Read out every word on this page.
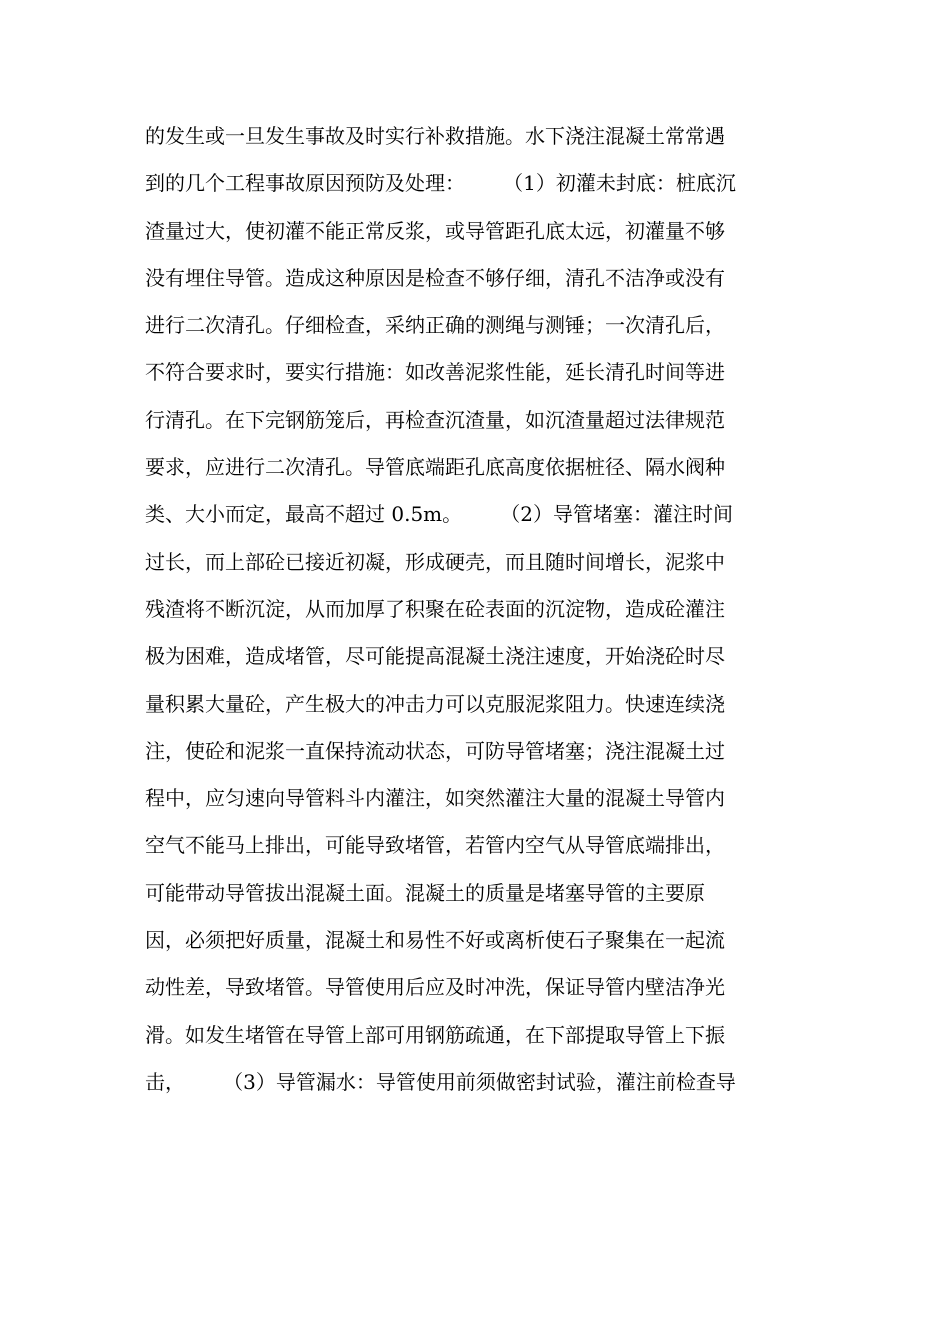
的发生或一旦发生事故及时实行补救措施。水下浇注混凝土常常遇
到的几个工程事故原因预防及处理：      （1）初灌未封底：桩底沉
渣量过大，使初灌不能正常反浆，或导管距孔底太远，初灌量不够
没有埋住导管。造成这种原因是检查不够仔细，清孔不洁净或没有
进行二次清孔。仔细检查，采纳正确的测绳与测锤；一次清孔后，
不符合要求时，要实行措施：如改善泥浆性能，延长清孔时间等进
行清孔。在下完钢筋笼后，再检查沉渣量，如沉渣量超过法律规范
要求，应进行二次清孔。导管底端距孔底高度依据桩径、隔水阀种
类、大小而定，最高不超过 0.5m。      （2）导管堵塞：灌注时间
过长，而上部砼已接近初凝，形成硬壳，而且随时间增长，泥浆中
残渣将不断沉淀，从而加厚了积聚在砼表面的沉淀物，造成砼灌注
极为困难，造成堵管，尽可能提高混凝土浇注速度，开始浇砼时尽
量积累大量砼，产生极大的冲击力可以克服泥浆阻力。快速连续浇
注，使砼和泥浆一直保持流动状态，可防导管堵塞；浇注混凝土过
程中，应匀速向导管料斗内灌注，如突然灌注大量的混凝土导管内
空气不能马上排出，可能导致堵管，若管内空气从导管底端排出，
可能带动导管拔出混凝土面。混凝土的质量是堵塞导管的主要原
因，必须把好质量，混凝土和易性不好或离析使石子聚集在一起流
动性差，导致堵管。导管使用后应及时冲洗，保证导管内壁洁净光
滑。如发生堵管在导管上部可用钢筋疏通，在下部提取导管上下振
击，      （3）导管漏水：导管使用前须做密封试验，灌注前检查导
